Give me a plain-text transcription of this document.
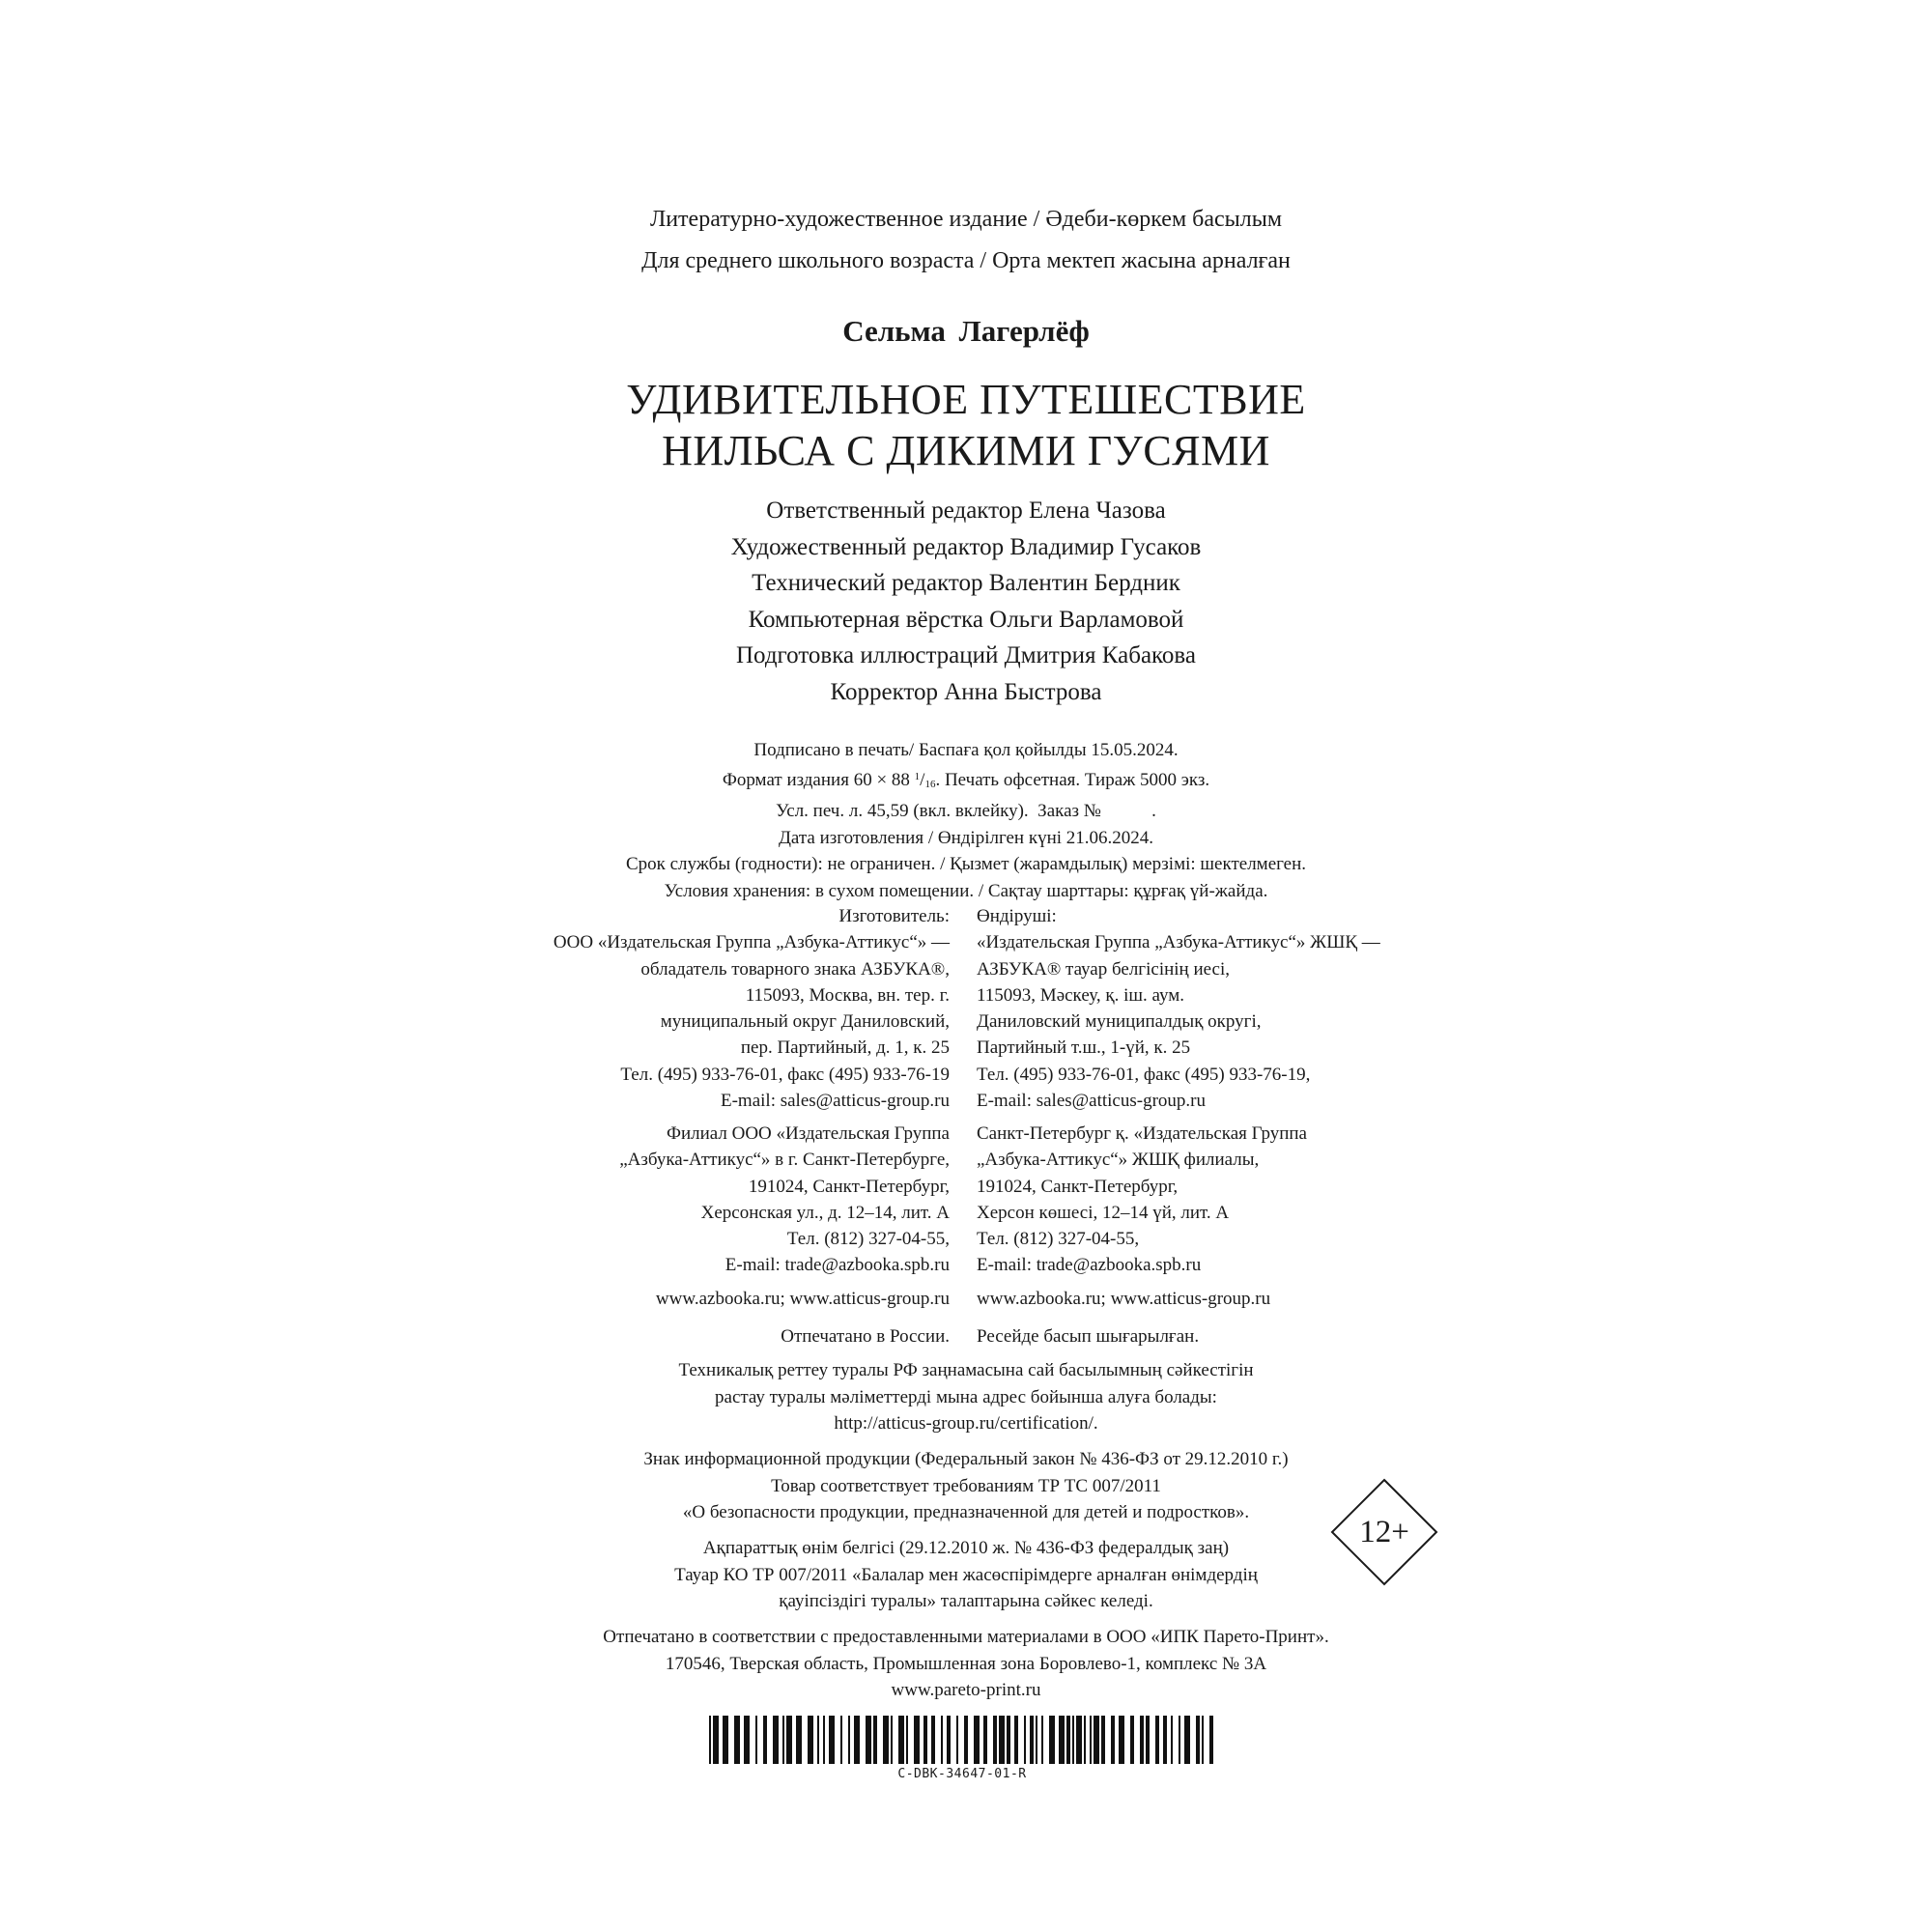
Литературно-художественное издание / Әдеби-көркем басылым
Для среднего школьного возраста / Орта мектеп жасына арналған
Сельма Лагерлёф
УДИВИТЕЛЬНОЕ ПУТЕШЕСТВИЕ
НИЛЬСА С ДИКИМИ ГУСЯМИ
Ответственный редактор Елена Чазова
Художественный редактор Владимир Гусаков
Технический редактор Валентин Бердник
Компьютерная вёрстка Ольги Варламовой
Подготовка иллюстраций Дмитрия Кабакова
Корректор Анна Быстрова
Подписано в печать/ Баспаға қол қойылды 15.05.2024.
Формат издания 60 × 88 $^1/_{16}$. Печать офсетная. Тираж 5000 экз.
Усл. печ. л. 45,59 (вкл. вклейку).  Заказ №           .
Дата изготовления / Өндірілген күні 21.06.2024.
Срок службы (годности): не ограничен. / Қызмет (жарамдылық) мерзімі: шектелмеген.
Условия хранения: в сухом помещении. / Сақтау шарттары: құрғақ үй-жайда.
Изготовитель:
ООО «Издательская Группа „Азбука-Аттикус“» —
обладатель товарного знака АЗБУКА®,
115093, Москва, вн. тер. г.
муниципальный округ Даниловский,
пер. Партийный, д. 1, к. 25
Тел. (495) 933-76-01, факс (495) 933-76-19
E-mail: sales@atticus-group.ru
Өндіруші:
«Издательская Группа „Азбука-Аттикус“» ЖШҚ —
АЗБУКА® тауар белгісінің иесі,
115093, Мәскеу, қ. іш. аум.
Даниловский муниципалдық округі,
Партийный т.ш., 1-үй, к. 25
Тел. (495) 933-76-01, факс (495) 933-76-19,
E-mail: sales@atticus-group.ru
Филиал ООО «Издательская Группа
„Азбука-Аттикус“» в г. Санкт-Петербурге,
191024, Санкт-Петербург,
Херсонская ул., д. 12–14, лит. А
Тел. (812) 327-04-55,
E-mail: trade@azbooka.spb.ru
Санкт-Петербург қ. «Издательская Группа
„Азбука-Аттикус“» ЖШҚ филиалы,
191024, Санкт-Петербург,
Херсон көшесі, 12–14 үй, лит. А
Тел. (812) 327-04-55,
E-mail: trade@azbooka.spb.ru
www.azbooka.ru; www.atticus-group.ru www.azbooka.ru; www.atticus-group.ru
Отпечатано в России. Ресейде басып шығарылған.
Техникалық реттеу туралы РФ заңнамасына сай басылымның сәйкестігін
растау туралы мәліметтерді мына адрес бойынша алуға болады:
http://atticus-group.ru/certification/.
Знак информационной продукции (Федеральный закон № 436-ФЗ от 29.12.2010 г.)
Товар соответствует требованиям ТР ТС 007/2011
«О безопасности продукции, предназначенной для детей и подростков».
Ақпараттық өнім белгісі (29.12.2010 ж. № 436-ФЗ федералдық заң)
Тауар КО ТР 007/2011 «Балалар мен жасөспірімдерге арналған өнімдердің
қауіпсіздігі туралы» талаптарына сәйкес келеді.
12+
Отпечатано в соответствии с предоставленными материалами в ООО «ИПК Парето-Принт».
170546, Тверская область, Промышленная зона Боровлево-1, комплекс № 3А
www.pareto-print.ru
C-DBK-34647-01-R
